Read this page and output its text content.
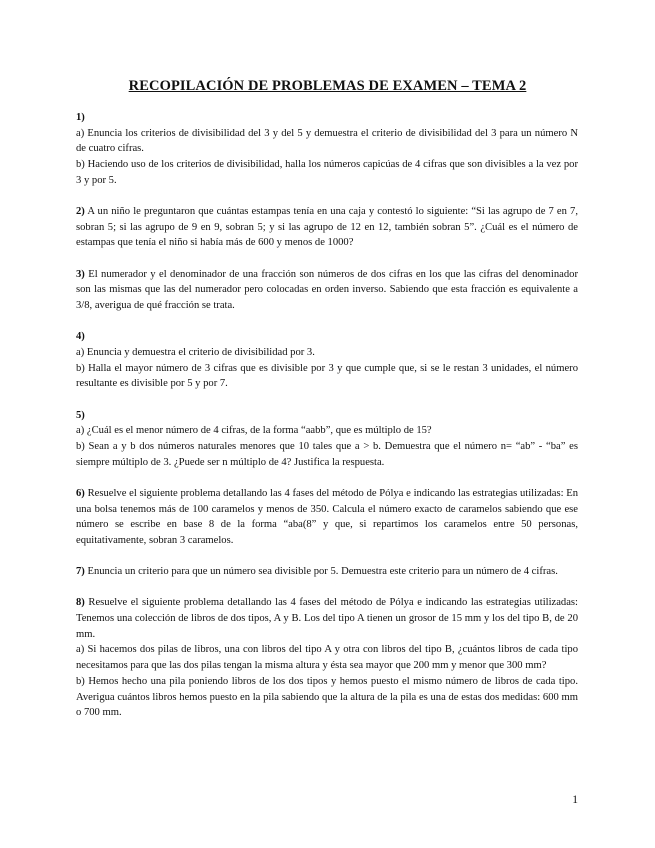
RECOPILACIÓN DE PROBLEMAS DE EXAMEN – TEMA 2
1)
a) Enuncia los criterios de divisibilidad del 3 y del 5 y demuestra el criterio de divisibilidad del 3 para un número N de cuatro cifras.
b) Haciendo uso de los criterios de divisibilidad, halla los números capicúas de 4 cifras que son divisibles a la vez por 3 y por 5.
2) A un niño le preguntaron que cuántas estampas tenía en una caja y contestó lo siguiente: “Si las agrupo de 7 en 7, sobran 5; si las agrupo de 9 en 9, sobran 5; y si las agrupo de 12 en 12, también sobran 5”. ¿Cuál es el número de estampas que tenía el niño si había más de 600 y menos de 1000?
3) El numerador y el denominador de una fracción son números de dos cifras en los que las cifras del denominador son las mismas que las del numerador pero colocadas en orden inverso. Sabiendo que esta fracción es equivalente a 3/8, averigua de qué fracción se trata.
4)
a) Enuncia y demuestra el criterio de divisibilidad por 3.
b) Halla el mayor número de 3 cifras que es divisible por 3 y que cumple que, si se le restan 3 unidades, el número resultante es divisible por 5 y por 7.
5)
a) ¿Cuál es el menor número de 4 cifras, de la forma “aabb”, que es múltiplo de 15?
b) Sean a y b dos números naturales menores que 10 tales que a > b. Demuestra que el número n= “ab” - “ba” es siempre múltiplo de 3. ¿Puede ser n múltiplo de 4? Justifica la respuesta.
6) Resuelve el siguiente problema detallando las 4 fases del método de Pólya e indicando las estrategias utilizadas: En una bolsa tenemos más de 100 caramelos y menos de 350. Calcula el número exacto de caramelos sabiendo que ese número se escribe en base 8 de la forma “aba(8” y que, si repartimos los caramelos entre 50 personas, equitativamente, sobran 3 caramelos.
7) Enuncia un criterio para que un número sea divisible por 5. Demuestra este criterio para un número de 4 cifras.
8) Resuelve el siguiente problema detallando las 4 fases del método de Pólya e indicando las estrategias utilizadas: Tenemos una colección de libros de dos tipos, A y B. Los del tipo A tienen un grosor de 15 mm y los del tipo B, de 20 mm.
a) Si hacemos dos pilas de libros, una con libros del tipo A y otra con libros del tipo B, ¿cuántos libros de cada tipo necesitamos para que las dos pilas tengan la misma altura y ésta sea mayor que 200 mm y menor que 300 mm?
b) Hemos hecho una pila poniendo libros de los dos tipos y hemos puesto el mismo número de libros de cada tipo. Averigua cuántos libros hemos puesto en la pila sabiendo que la altura de la pila es una de estas dos medidas: 600 mm o 700 mm.
1
